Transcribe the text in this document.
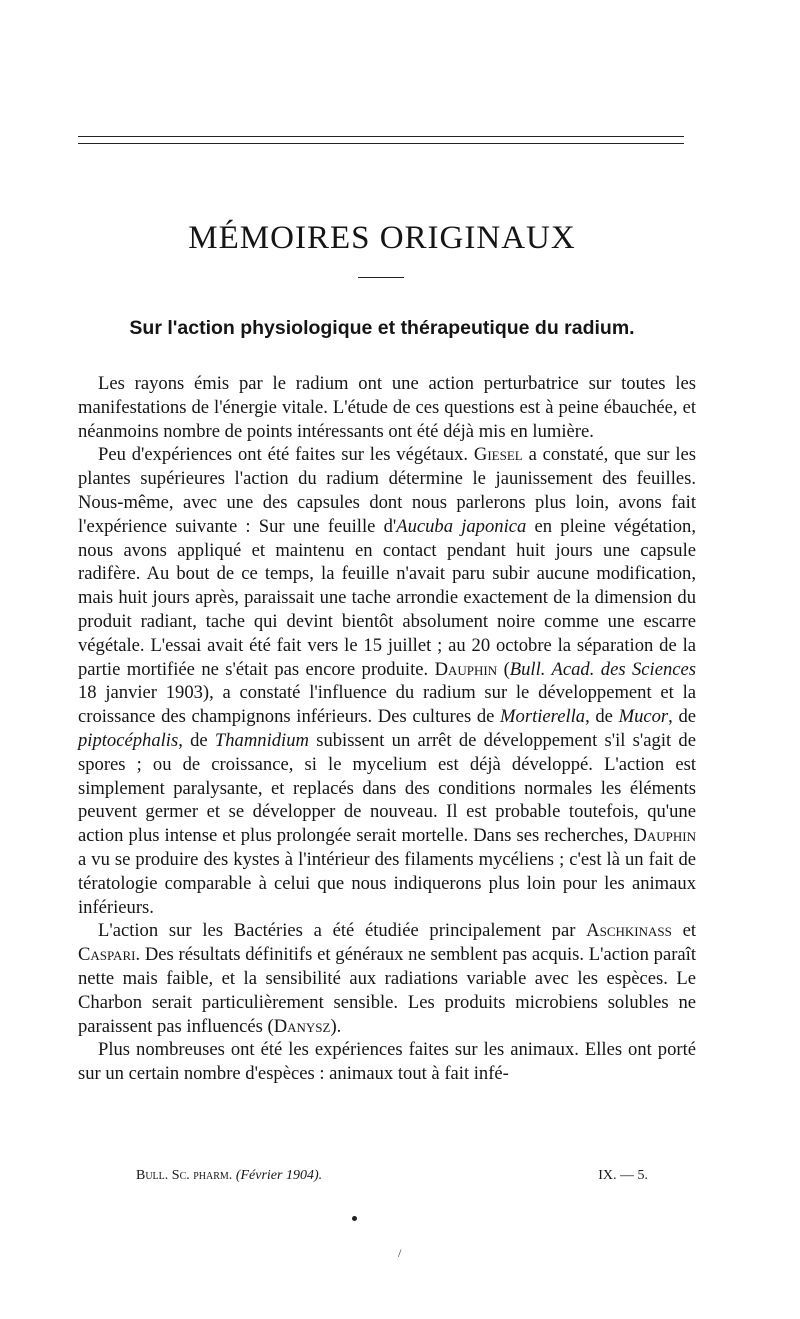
MÉMOIRES ORIGINAUX
Sur l'action physiologique et thérapeutique du radium.

Les rayons émis par le radium ont une action perturbatrice sur toutes les manifestations de l'énergie vitale. L'étude de ces questions est à peine ébauchée, et néanmoins nombre de points intéressants ont été déjà mis en lumière.

Peu d'expériences ont été faites sur les végétaux. Giesel a constaté, que sur les plantes supérieures l'action du radium détermine le jaunissement des feuilles. Nous-même, avec une des capsules dont nous parlerons plus loin, avons fait l'expérience suivante : Sur une feuille d'Aucuba japonica en pleine végétation, nous avons appliqué et maintenu en contact pendant huit jours une capsule radifère. Au bout de ce temps, la feuille n'avait paru subir aucune modification, mais huit jours après, paraissait une tache arrondie exactement de la dimension du produit radiant, tache qui devint bientôt absolument noire comme une escarre végétale. L'essai avait été fait vers le 15 juillet ; au 20 octobre la séparation de la partie mortifiée ne s'était pas encore produite. Dauphin (Bull. Acad. des Sciences 18 janvier 1903), a constaté l'influence du radium sur le développement et la croissance des champignons inférieurs. Des cultures de Mortierella, de Mucor, de piptocéphalis, de Thamnidium subissent un arrêt de développement s'il s'agit de spores ; ou de croissance, si le mycelium est déjà développé. L'action est simplement paralysante, et replacés dans des conditions normales les éléments peuvent germer et se développer de nouveau. Il est probable toutefois, qu'une action plus intense et plus prolongée serait mortelle. Dans ses recherches, Dauphin a vu se produire des kystes à l'intérieur des filaments mycéliens ; c'est là un fait de tératologie comparable à celui que nous indiquerons plus loin pour les animaux inférieurs.

L'action sur les Bactéries a été étudiée principalement par Aschkinass et Caspari. Des résultats définitifs et généraux ne semblent pas acquis. L'action paraît nette mais faible, et la sensibilité aux radiations variable avec les espèces. Le Charbon serait particulièrement sensible. Les produits microbiens solubles ne paraissent pas influencés (Danysz).

Plus nombreuses ont été les expériences faites sur les animaux. Elles ont porté sur un certain nombre d'espèces : animaux tout à fait infé-

Bull. Sc. pharm. (Février 1904).	IX. — 5.
/
